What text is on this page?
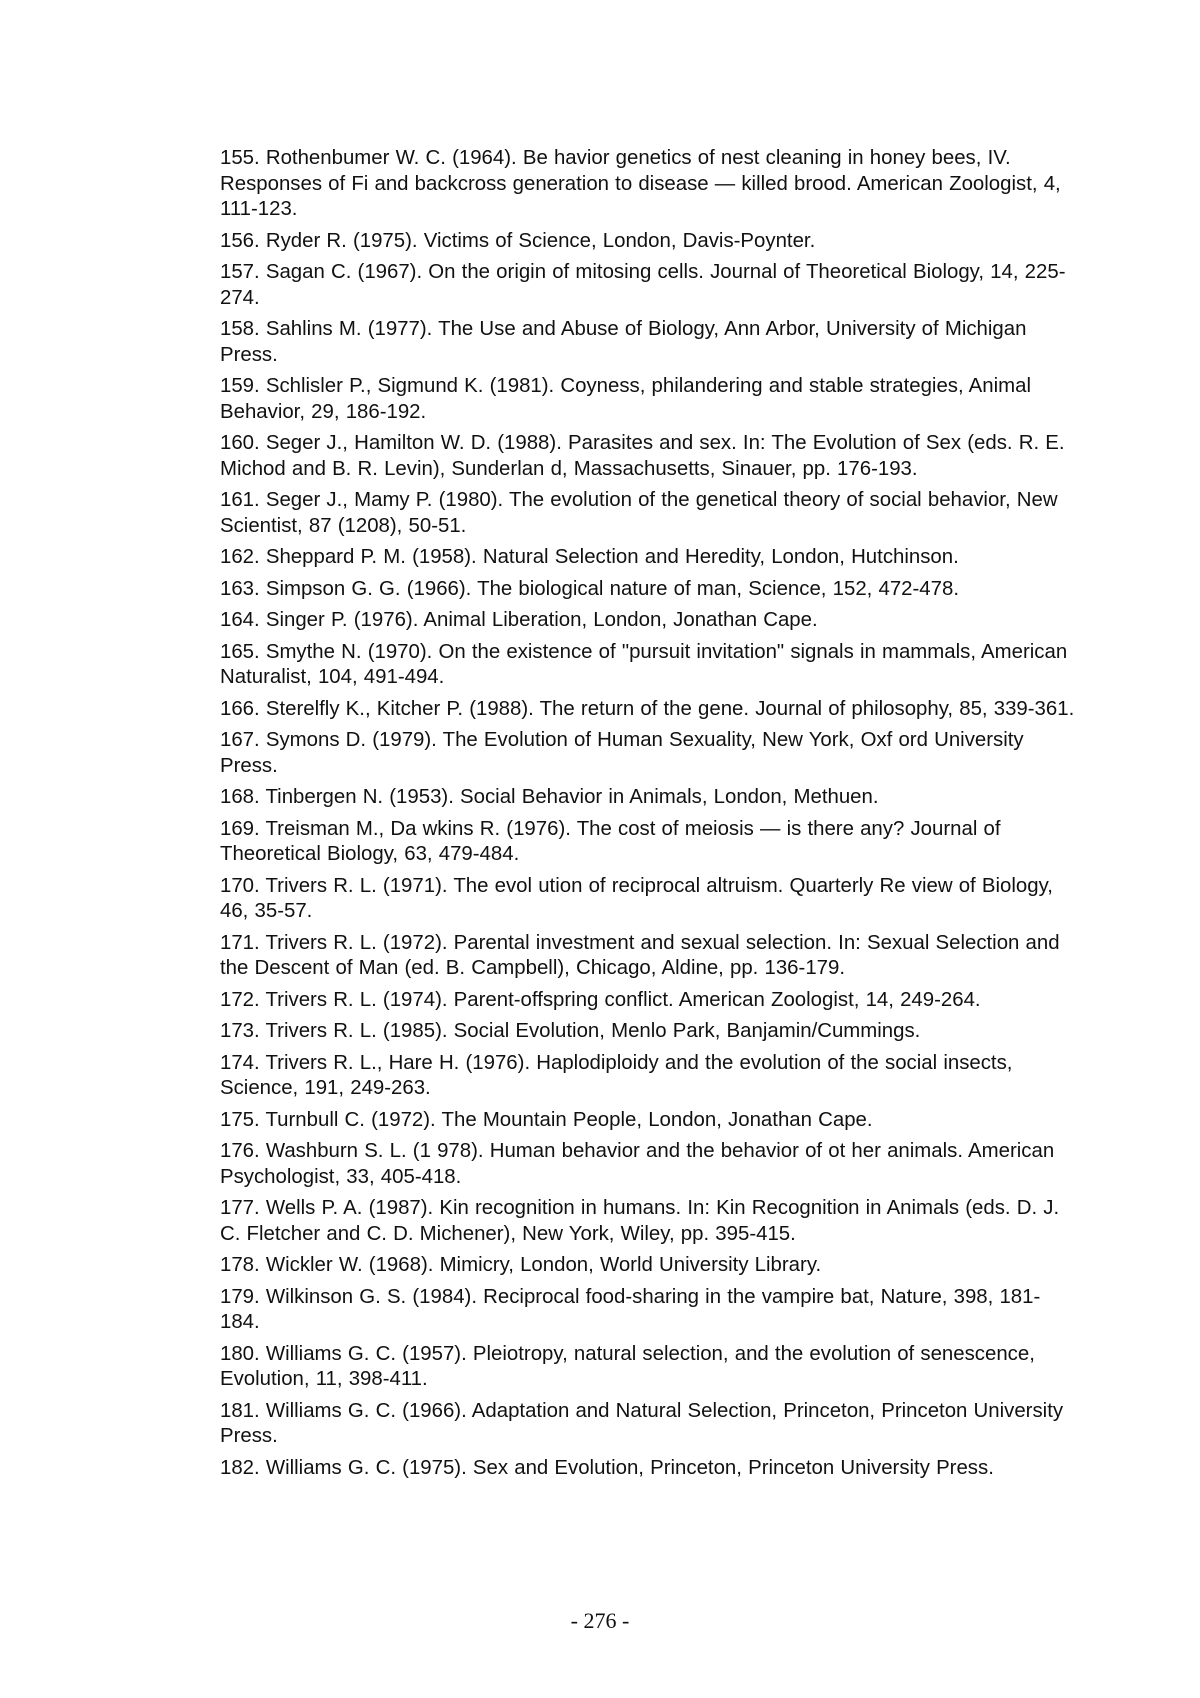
155. Rothenbumer W. C. (1964). Be havior genetics of nest cleaning in honey bees, IV. Responses of Fi and backcross generation to disease — killed brood. American Zoologist, 4, 111-123.
156. Ryder R. (1975). Victims of Science, London, Davis-Poynter.
157. Sagan C. (1967). On the origin of mitosing cells. Journal of Theoretical Biology, 14, 225-274.
158. Sahlins M. (1977). The Use and Abuse of Biology, Ann Arbor, University of Michigan Press.
159. Schlisler P., Sigmund K. (1981). Coyness, philandering and stable strategies, Animal Behavior, 29, 186-192.
160. Seger J., Hamilton W. D. (1988). Parasites and sex. In: The Evolution of Sex (eds. R. E. Michod and B. R. Levin), Sunderlan d, Massachusetts, Sinauer, pp. 176-193.
161. Seger J., Mamy P. (1980). The evolution of the genetical theory of social behavior, New Scientist, 87 (1208), 50-51.
162. Sheppard P. M. (1958). Natural Selection and Heredity, London, Hutchinson.
163. Simpson G. G. (1966). The biological nature of man, Science, 152, 472-478.
164. Singer P. (1976). Animal Liberation, London, Jonathan Cape.
165. Smythe N. (1970). On the existence of "pursuit invitation" signals in mammals, American Naturalist, 104, 491-494.
166. Sterelfly K., Kitcher P. (1988). The return of the gene. Journal of philosophy, 85, 339-361.
167. Symons D. (1979). The Evolution of Human Sexuality, New York, Oxf ord University Press.
168. Tinbergen N. (1953). Social Behavior in Animals, London, Methuen.
169. Treisman M., Da wkins R. (1976). The cost of meiosis — is there any? Journal of Theoretical Biology, 63, 479-484.
170. Trivers R. L. (1971). The evol ution of reciprocal altruism. Quarterly Re view of Biology, 46, 35-57.
171. Trivers R. L. (1972). Parental investment and sexual selection. In: Sexual Selection and the Descent of Man (ed. B. Campbell), Chicago, Aldine, pp. 136-179.
172. Trivers R. L. (1974). Parent-offspring conflict. American Zoologist, 14, 249-264.
173. Trivers R. L. (1985). Social Evolution, Menlo Park, Banjamin/Cummings.
174. Trivers R. L., Hare H. (1976). Haplodiploidy and the evolution of the social insects, Science, 191, 249-263.
175. Turnbull C. (1972). The Mountain People, London, Jonathan Cape.
176. Washburn S. L. (1 978). Human behavior and the behavior of ot her animals. American Psychologist, 33, 405-418.
177. Wells P. A. (1987). Kin recognition in humans. In: Kin Recognition in Animals (eds. D. J. C. Fletcher and C. D. Michener), New York, Wiley, pp. 395-415.
178. Wickler W. (1968). Mimicry, London, World University Library.
179. Wilkinson G. S. (1984). Reciprocal food-sharing in the vampire bat, Nature, 398, 181-184.
180. Williams G. C. (1957). Pleiotropy, natural selection, and the evolution of senescence, Evolution, 11, 398-411.
181. Williams G. C. (1966). Adaptation and Natural Selection, Princeton, Princeton University Press.
182. Williams G. C. (1975). Sex and Evolution, Princeton, Princeton University Press.
- 276 -
